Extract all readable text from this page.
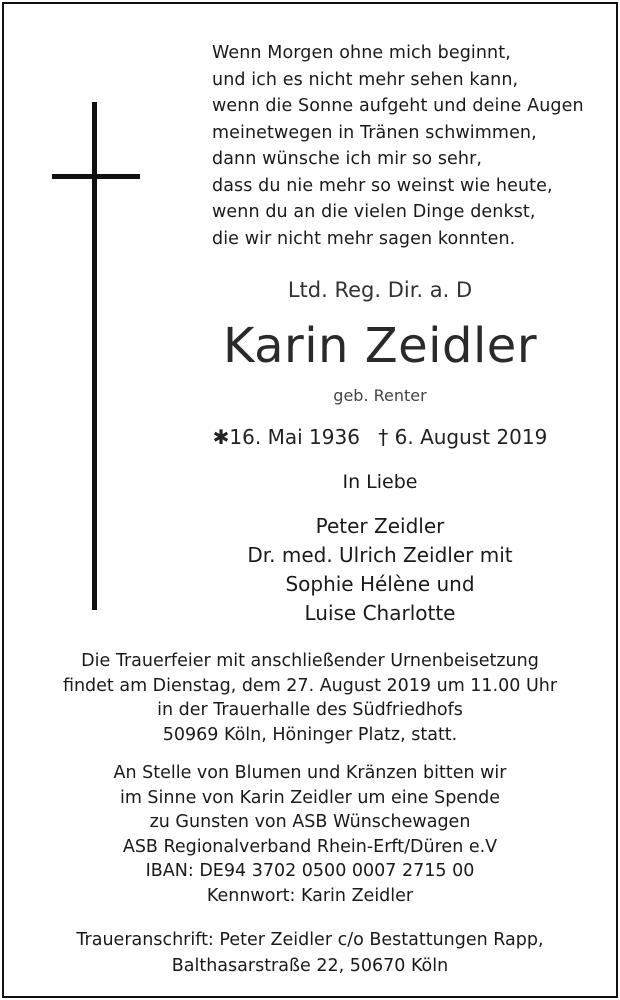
Wenn Morgen ohne mich beginnt,
und ich es nicht mehr sehen kann,
wenn die Sonne aufgeht und deine Augen
meinetwegen in Tränen schwimmen,
dann wünsche ich mir so sehr,
dass du nie mehr so weinst wie heute,
wenn du an die vielen Dinge denkst,
die wir nicht mehr sagen konnten.
Ltd. Reg. Dir. a. D
Karin Zeidler
geb. Renter
✱16. Mai 1936 † 6. August 2019
In Liebe
Peter Zeidler
Dr. med. Ulrich Zeidler mit
Sophie Hélène und
Luise Charlotte
Die Trauerfeier mit anschließender Urnenbeisetzung
findet am Dienstag, dem 27. August 2019 um 11.00 Uhr
in der Trauerhalle des Südfriedhofs
50969 Köln, Höninger Platz, statt.
An Stelle von Blumen und Kränzen bitten wir
im Sinne von Karin Zeidler um eine Spende
zu Gunsten von ASB Wünschewagen
ASB Regionalverband Rhein-Erft/Düren e.V
IBAN: DE94 3702 0500 0007 2715 00
Kennwort: Karin Zeidler
Traueranschrift: Peter Zeidler c/o Bestattungen Rapp,
Balthasarstraße 22, 50670 Köln
